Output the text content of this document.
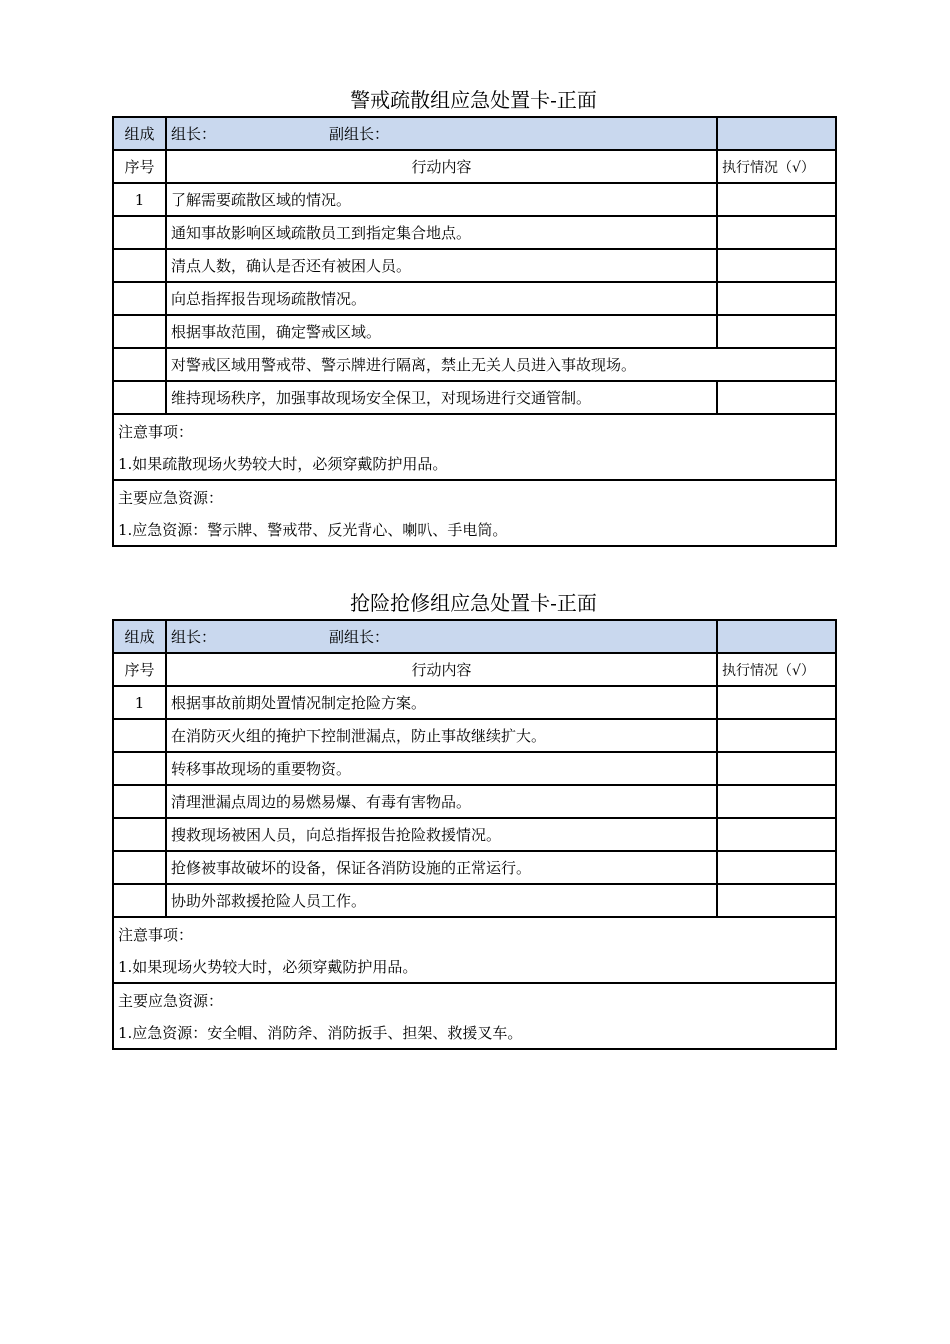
警戒疏散组应急处置卡-正面
组成	组长： 副组长：	
序号	行动内容	执行情况（√）
1	了解需要疏散区域的情况。	
	通知事故影响区域疏散员工到指定集合地点。	
	清点人数，确认是否还有被困人员。	
	向总指挥报告现场疏散情况。	
	根据事故范围，确定警戒区域。	
	对警戒区域用警戒带、警示牌进行隔离，禁止无关人员进入事故现场。	
	维持现场秩序，加强事故现场安全保卫，对现场进行交通管制。	
注意事项：		
1.如果疏散现场火势较大时，必须穿戴防护用品。		
主要应急资源：		
1.应急资源：警示牌、警戒带、反光背心、喇叭、手电筒。		
抢险抢修组应急处置卡-正面
组成	组长： 副组长：	
序号	行动内容	执行情况（√）
1	根据事故前期处置情况制定抢险方案。	
	在消防灭火组的掩护下控制泄漏点，防止事故继续扩大。	
	转移事故现场的重要物资。	
	清理泄漏点周边的易燃易爆、有毒有害物品。	
	搜救现场被困人员，向总指挥报告抢险救援情况。	
	抢修被事故破坏的设备，保证各消防设施的正常运行。	
	协助外部救援抢险人员工作。	
注意事项：		
1.如果现场火势较大时，必须穿戴防护用品。		
主要应急资源：		
1.应急资源：安全帽、消防斧、消防扳手、担架、救援叉车。		
